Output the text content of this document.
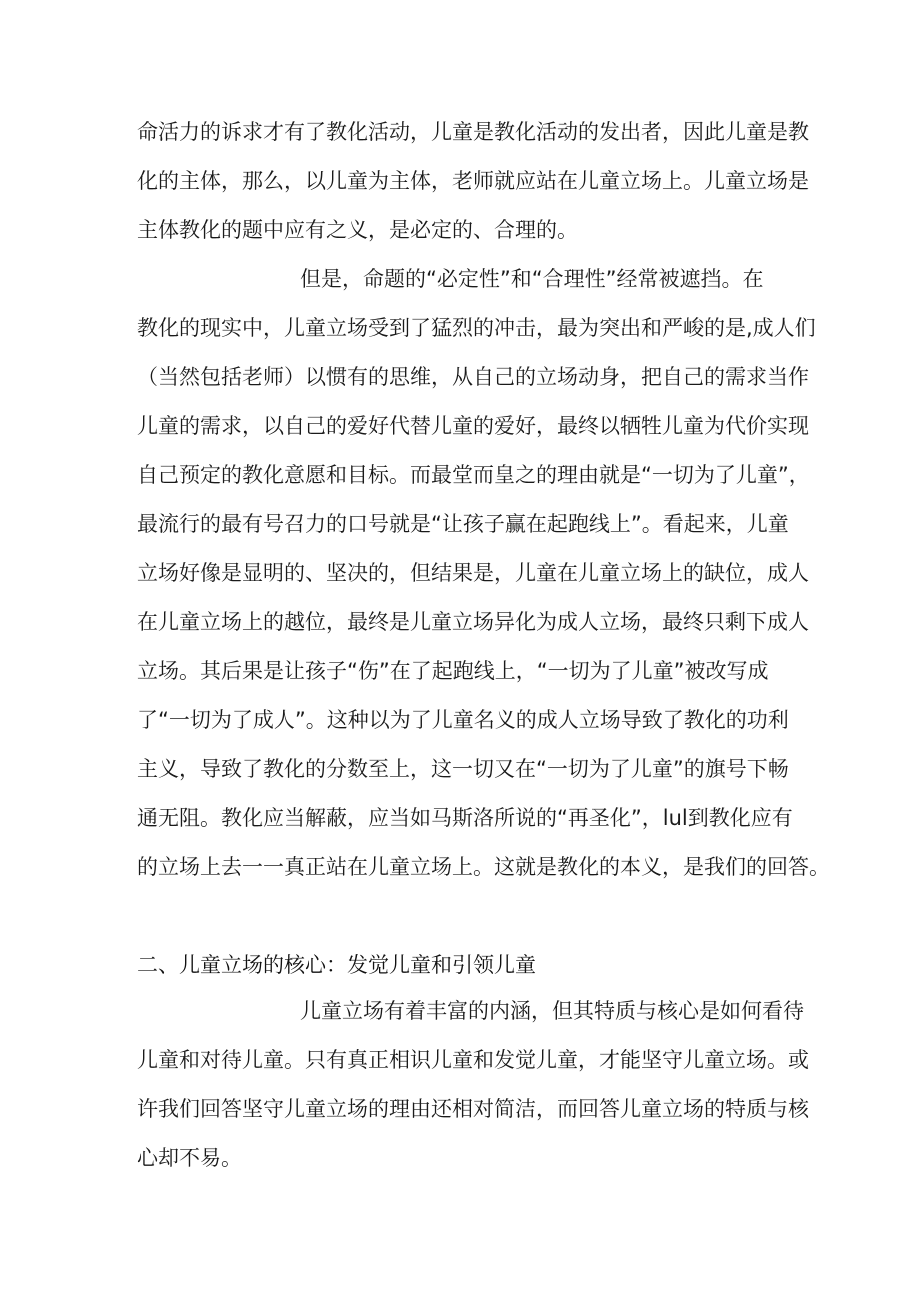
命活力的诉求才有了教化活动，儿童是教化活动的发出者，因此儿童是教
化的主体，那么，以儿童为主体，老师就应站在儿童立场上。儿童立场是
主体教化的题中应有之义，是必定的、合理的。
但是，命题的“必定性”和“合理性”经常被遮挡。在
教化的现实中，儿童立场受到了猛烈的冲击，最为突出和严峻的是,成人们
（当然包括老师）以惯有的思维，从自己的立场动身，把自己的需求当作
儿童的需求，以自己的爱好代替儿童的爱好，最终以牺牲儿童为代价实现
自己预定的教化意愿和目标。而最堂而皇之的理由就是“一切为了儿童”，
最流行的最有号召力的口号就是“让孩子赢在起跑线上”。看起来，儿童
立场好像是显明的、坚决的，但结果是，儿童在儿童立场上的缺位，成人
在儿童立场上的越位，最终是儿童立场异化为成人立场，最终只剩下成人
立场。其后果是让孩子“伤”在了起跑线上，“一切为了儿童”被改写成
了“一切为了成人”。这种以为了儿童名义的成人立场导致了教化的功利
主义，导致了教化的分数至上，这一切又在“一切为了儿童”的旗号下畅
通无阻。教化应当解蔽，应当如马斯洛所说的“再圣化”，lul到教化应有
的立场上去一一真正站在儿童立场上。这就是教化的本义，是我们的回答。
二、儿童立场的核心：发觉儿童和引领儿童
儿童立场有着丰富的内涵，但其特质与核心是如何看待
儿童和对待儿童。只有真正相识儿童和发觉儿童，才能坚守儿童立场。或
许我们回答坚守儿童立场的理由还相对简洁，而回答儿童立场的特质与核
心却不易。
